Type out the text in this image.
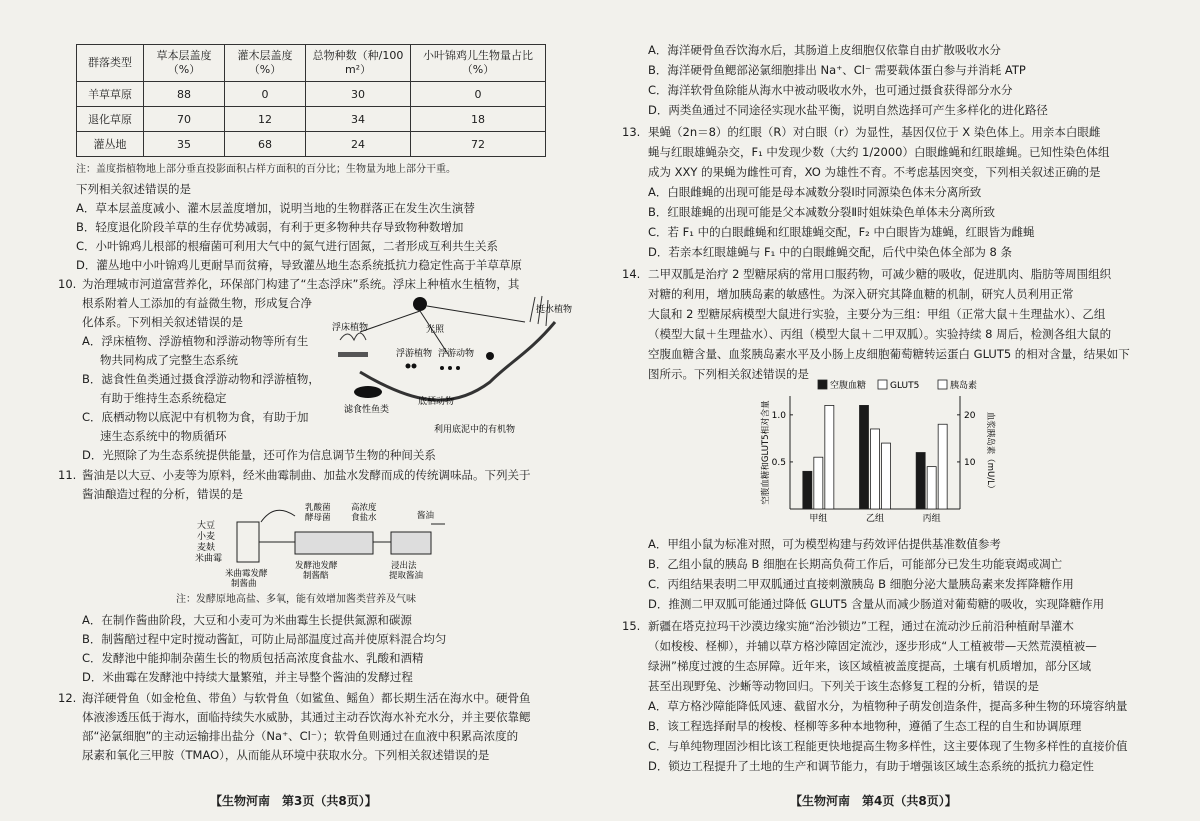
群落类型	草本层盖度（%）	灌木层盖度（%）	总物种数（种/100 m²）	小叶锦鸡儿生物量占比（%）
羊草草原	88	0	30	0
退化草原	70	12	34	18
灌丛地	35	68	24	72
注：盖度指植物地上部分垂直投影面积占样方面积的百分比；生物量为地上部分干重。
下列相关叙述错误的是
A．草本层盖度减小、灌木层盖度增加，说明当地的生物群落正在发生次生演替
B．轻度退化阶段羊草的生存优势减弱，有利于更多物种共存导致物种数增加
C．小叶锦鸡儿根部的根瘤菌可利用大气中的氮气进行固氮，二者形成互利共生关系
D．灌丛地中小叶锦鸡儿更耐旱而贫瘠，导致灌丛地生态系统抵抗力稳定性高于羊草草原
10. 为治理城市河道富营养化，环保部门构建了“生态浮床”系统。浮床上种植水生植物，其
根系附着人工添加的有益微生物，形成复合净
化体系。下列相关叙述错误的是
A．浮床植物、浮游植物和浮游动物等所有生
物共同构成了完整生态系统
B．滤食性鱼类通过摄食浮游动物和浮游植物，
有助于维持生态系统稳定
C．底栖动物以底泥中有机物为食，有助于加
速生态系统中的物质循环
D．光照除了为生态系统提供能量，还可作为信息调节生物的种间关系
浮床植物	光照
挺水植物
浮游植物 浮游动物
滤食性鱼类
底栖动物
利用底泥中的有机物
11. 酱油是以大豆、小麦等为原料，经米曲霉制曲、加盐水发酵而成的传统调味品。下列关于
酱油酿造过程的分析，错误的是
大豆
小麦
麦麸
米曲霉
米曲霉发酵
制酱曲
乳酸菌
酵母菌
高浓度
食盐水
发酵池发酵
制酱醅
酱油
浸出法
提取酱油
注：发酵原地高盐、多氧，能有效增加酱类营养及气味
A．在制作酱曲阶段，大豆和小麦可为米曲霉生长提供氮源和碳源
B．制酱醅过程中定时搅动酱缸，可防止局部温度过高并使原料混合均匀
C．发酵池中能抑制杂菌生长的物质包括高浓度食盐水、乳酸和酒精
D．米曲霉在发酵池中持续大量繁殖，并主导整个酱油的发酵过程
12. 海洋硬骨鱼（如金枪鱼、带鱼）与软骨鱼（如鲨鱼、鳐鱼）都长期生活在海水中。硬骨鱼
体液渗透压低于海水，面临持续失水威胁，其通过主动吞饮海水补充水分，并主要依靠鳃
部“泌氯细胞”的主动运输排出盐分（Na⁺、Cl⁻）；软骨鱼则通过在血液中积累高浓度的
尿素和氧化三甲胺（TMAO），从而能从环境中获取水分。下列相关叙述错误的是
【生物河南　第3页（共8页）】
A．海洋硬骨鱼吞饮海水后，其肠道上皮细胞仅依靠自由扩散吸收水分
B．海洋硬骨鱼鳃部泌氯细胞排出 Na⁺、Cl⁻ 需要载体蛋白参与并消耗 ATP
C．海洋软骨鱼除能从海水中被动吸收水外，也可通过摄食获得部分水分
D．两类鱼通过不同途径实现水盐平衡，说明自然选择可产生多样化的进化路径
13. 果蝇（2n＝8）的红眼（R）对白眼（r）为显性，基因仅位于 X 染色体上。用亲本白眼雌
蝇与红眼雄蝇杂交，F₁ 中发现少数（大约 1/2000）白眼雌蝇和红眼雄蝇。已知性染色体组
成为 XXY 的果蝇为雌性可育，XO 为雄性不育。不考虑基因突变，下列相关叙述正确的是
A．白眼雌蝇的出现可能是母本减数分裂Ⅰ时同源染色体未分离所致
B．红眼雄蝇的出现可能是父本减数分裂Ⅱ时姐妹染色单体未分离所致
C．若 F₁ 中的白眼雌蝇和红眼雄蝇交配，F₂ 中白眼皆为雄蝇，红眼皆为雌蝇
D．若亲本红眼雄蝇与 F₁ 中的白眼雌蝇交配，后代中染色体全部为 8 条
14. 二甲双胍是治疗 2 型糖尿病的常用口服药物，可减少糖的吸收，促进肌肉、脂肪等周围组织
对糖的利用，增加胰岛素的敏感性。为深入研究其降血糖的机制，研究人员利用正常
大鼠和 2 型糖尿病模型大鼠进行实验，主要分为三组：甲组（正常大鼠＋生理盐水）、乙组
（模型大鼠＋生理盐水）、丙组（模型大鼠＋二甲双胍）。实验持续 8 周后，检测各组大鼠的
空腹血糖含量、血浆胰岛素水平及小肠上皮细胞葡萄糖转运蛋白 GLUT5 的相对含量，结果如下
图所示。下列相关叙述错误的是
空腹血糖	GLUT5	胰岛素
0.5
1.0
10
20
空腹血糖和GLUT5相对含量	血浆胰岛素（mU/L）
甲组	乙组	丙组
A．甲组小鼠为标准对照，可为模型构建与药效评估提供基准数值参考
B．乙组小鼠的胰岛 B 细胞在长期高负荷工作后，可能部分已发生功能衰竭或凋亡
C．丙组结果表明二甲双胍通过直接刺激胰岛 B 细胞分泌大量胰岛素来发挥降糖作用
D．推测二甲双胍可能通过降低 GLUT5 含量从而减少肠道对葡萄糖的吸收，实现降糖作用
15. 新疆在塔克拉玛干沙漠边缘实施“治沙锁边”工程，通过在流动沙丘前沿种植耐旱灌木
（如梭梭、柽柳），并辅以草方格沙障固定流沙，逐步形成“人工植被带—天然荒漠植被—
绿洲”梯度过渡的生态屏障。近年来，该区域植被盖度提高，土壤有机质增加，部分区域
甚至出现野兔、沙蜥等动物回归。下列关于该生态修复工程的分析，错误的是
A．草方格沙障能降低风速、截留水分，为植物种子萌发创造条件，提高多种生物的环境容纳量
B．该工程选择耐旱的梭梭、柽柳等多种本地物种，遵循了生态工程的自生和协调原理
C．与单纯物理固沙相比该工程能更快地提高生物多样性，这主要体现了生物多样性的直接价值
D．锁边工程提升了土地的生产和调节能力，有助于增强该区域生态系统的抵抗力稳定性
【生物河南　第4页（共8页）】
